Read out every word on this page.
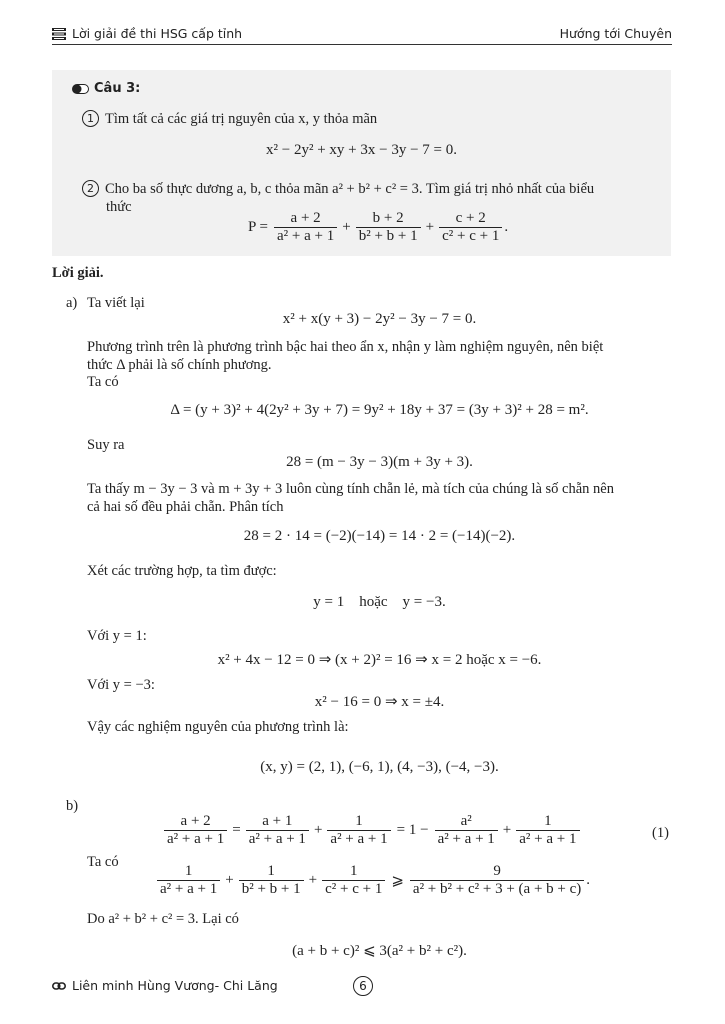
Lời giải đề thi HSG cấp tỉnh	Hướng tới Chuyên
Câu 3:
1 Tìm tất cả các giá trị nguyên của x, y thỏa mãn
x² − 2y² + xy + 3x − 3y − 7 = 0.
2 Cho ba số thực dương a, b, c thỏa mãn a² + b² + c² = 3. Tìm giá trị nhỏ nhất của biểu
thức
$P = \frac{a + 2}{\text{a² + a + 1}} + \frac{b + 2}{\text{b² + b + 1}} + \frac{c + 2}{\text{c² + c + 1}}$ .
Lời giải.
a) Ta viết lại
x² + x(y + 3) − 2y² − 3y − 7 = 0.
Phương trình trên là phương trình bậc hai theo ẩn x, nhận y làm nghiệm nguyên, nên biệt
thức Δ phải là số chính phương.
Ta có
Δ = (y + 3)² + 4(2y² + 3y + 7) = 9y² + 18y + 37 = (3y + 3)² + 28 = m².
Suy ra
28 = (m − 3y − 3)(m + 3y + 3).
Ta thấy m − 3y − 3 và m + 3y + 3 luôn cùng tính chẵn lẻ, mà tích của chúng là số chẵn nên
cả hai số đều phải chẵn. Phân tích
28 = 2 · 14 = (−2)(−14) = 14 · 2 = (−14)(−2).
Xét các trường hợp, ta tìm được:
y = 1    hoặc    y = −3.
Với y = 1:
x² + 4x − 12 = 0 ⇒ (x + 2)² = 16 ⇒ x = 2 hoặc x = −6.
Với y = −3:
x² − 16 = 0 ⇒ x = ±4.
Vậy các nghiệm nguyên của phương trình là:
(x, y) = (2, 1), (−6, 1), (4, −3), (−4, −3).
b)
$\frac{a + 2}{\text{a² + a + 1}} = \frac{a + 1}{\text{a² + a + 1}} + \frac{1}{\text{a² + a + 1}} = 1 - \frac{\text{a²}}{\text{a² + a + 1}} + \frac{1}{\text{a² + a + 1}}$	(1)
Ta có
$\frac{1}{\text{a² + a + 1}} + \frac{1}{\text{b² + b + 1}} + \frac{1}{\text{c² + c + 1}}$ ⩾ $\frac{9}{\text{a² + b² + c² + 3 + (a + b + c)}}$ .
Do a² + b² + c² = 3. Lại có
(a + b + c)² ⩽ 3(a² + b² + c²).
Liên minh Hùng Vương- Chi Lăng	6
